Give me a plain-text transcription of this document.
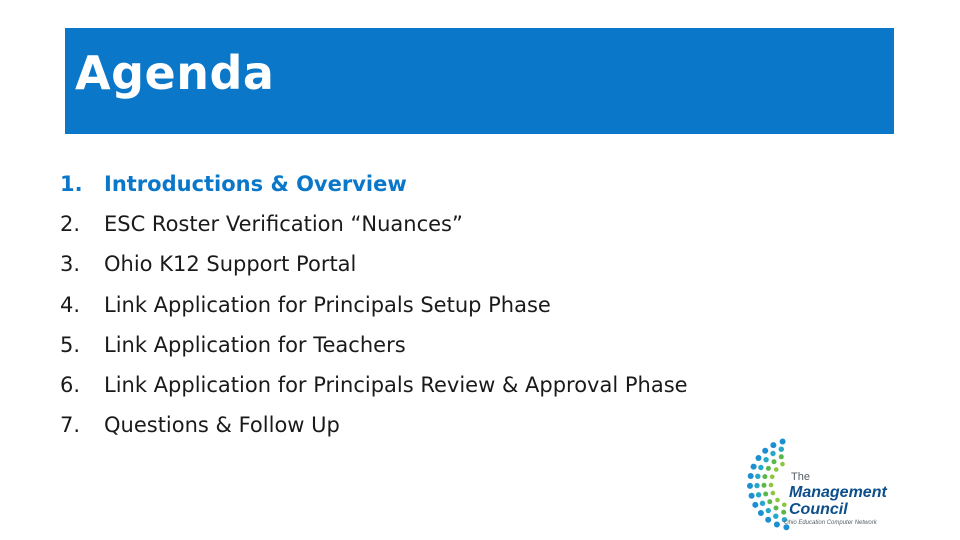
Agenda
1.	Introductions & Overview
2.	ESC Roster Verification “Nuances”
3.	Ohio K12 Support Portal
4.	Link Application for Principals Setup Phase
5.	Link Application for Teachers
6.	Link Application for Principals Review & Approval Phase
7.	Questions & Follow Up
The
Management
Council
Ohio Education Computer Network
